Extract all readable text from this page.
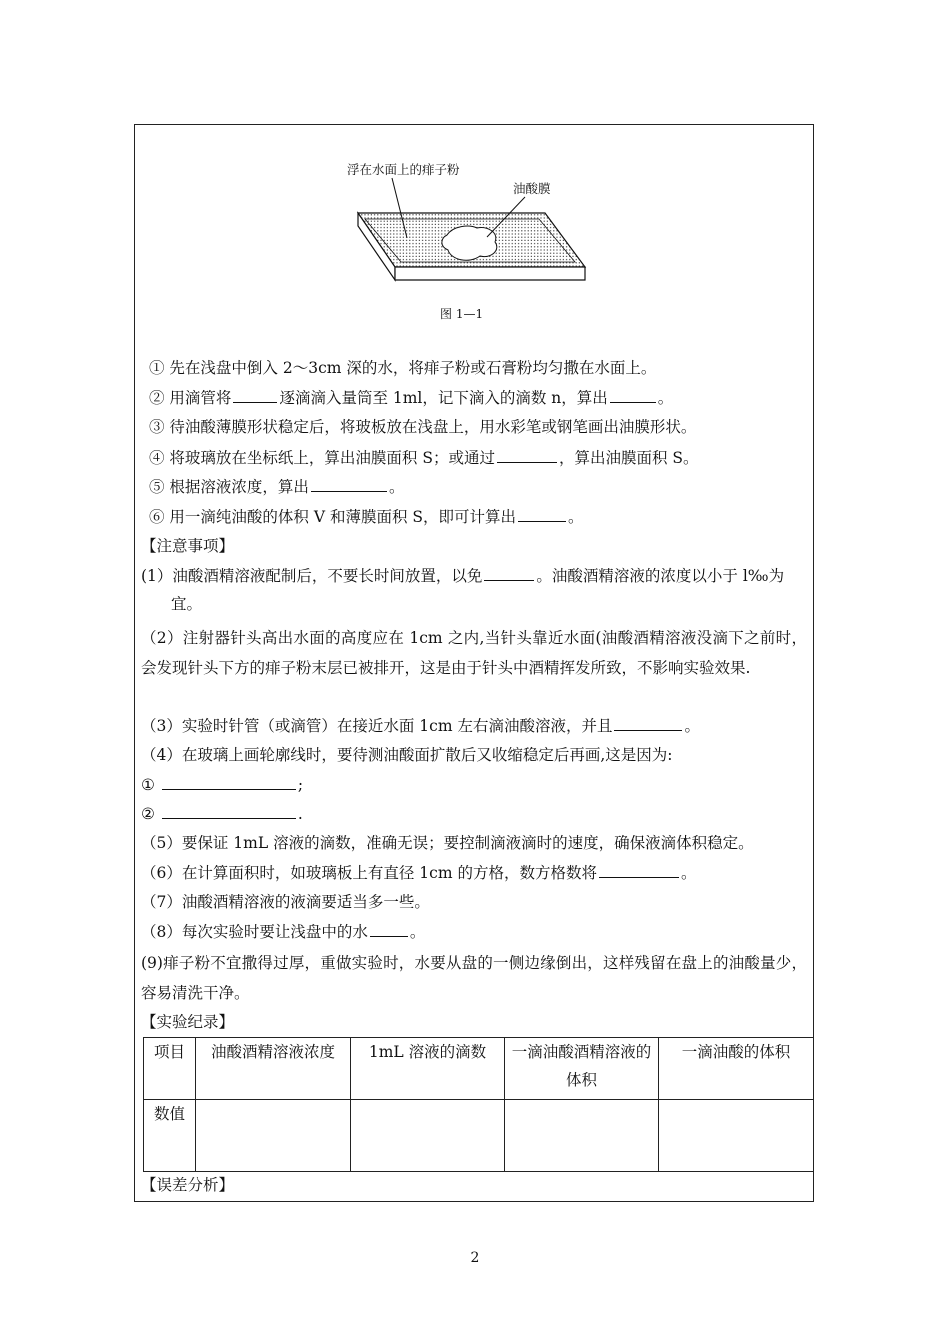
浮在水面上的痱子粉
油酸膜
图 1—1
① 先在浅盘中倒入 2～3cm 深的水，将痱子粉或石膏粉均匀撒在水面上。
② 用滴管将	逐滴滴入量筒至 1ml，记下滴入的滴数 n，算出	。
③ 待油酸薄膜形状稳定后，将玻板放在浅盘上，用水彩笔或钢笔画出油膜形状。
④ 将玻璃放在坐标纸上，算出油膜面积 S；或通过	，算出油膜面积 S。
⑤ 根据溶液浓度，算出	。
⑥ 用一滴纯油酸的体积 V 和薄膜面积 S，即可计算出	。
【注意事项】
(1）油酸酒精溶液配制后，不要长时间放置，以免	。油酸酒精溶液的浓度以小于 l‰为
宜。
（2）注射器针头高出水面的高度应在 1cm 之内,当针头靠近水面(油酸酒精溶液没滴下之前时，会发现针头下方的痱子粉末层已被排开，这是由于针头中酒精挥发所致，不影响实验效果.
（3）实验时针管（或滴管）在接近水面 1cm 左右滴油酸溶液，并且	。
（4）在玻璃上画轮廓线时，要待测油酸面扩散后又收缩稳定后再画,这是因为:
①	;
②	.
（5）要保证 1mL 溶液的滴数，准确无误；要控制滴液滴时的速度，确保液滴体积稳定。
（6）在计算面积时，如玻璃板上有直径 1cm 的方格，数方格数将	。
（7）油酸酒精溶液的液滴要适当多一些。
（8）每次实验时要让浅盘中的水	。
(9)痱子粉不宜撒得过厚，重做实验时，水要从盘的一侧边缘倒出，这样残留在盘上的油酸量少，容易清洗干净。
【实验纪录】
项目	油酸酒精溶液浓度	1mL 溶液的滴数	一滴油酸酒精溶液的体积	一滴油酸的体积
数值				
【误差分析】
2
